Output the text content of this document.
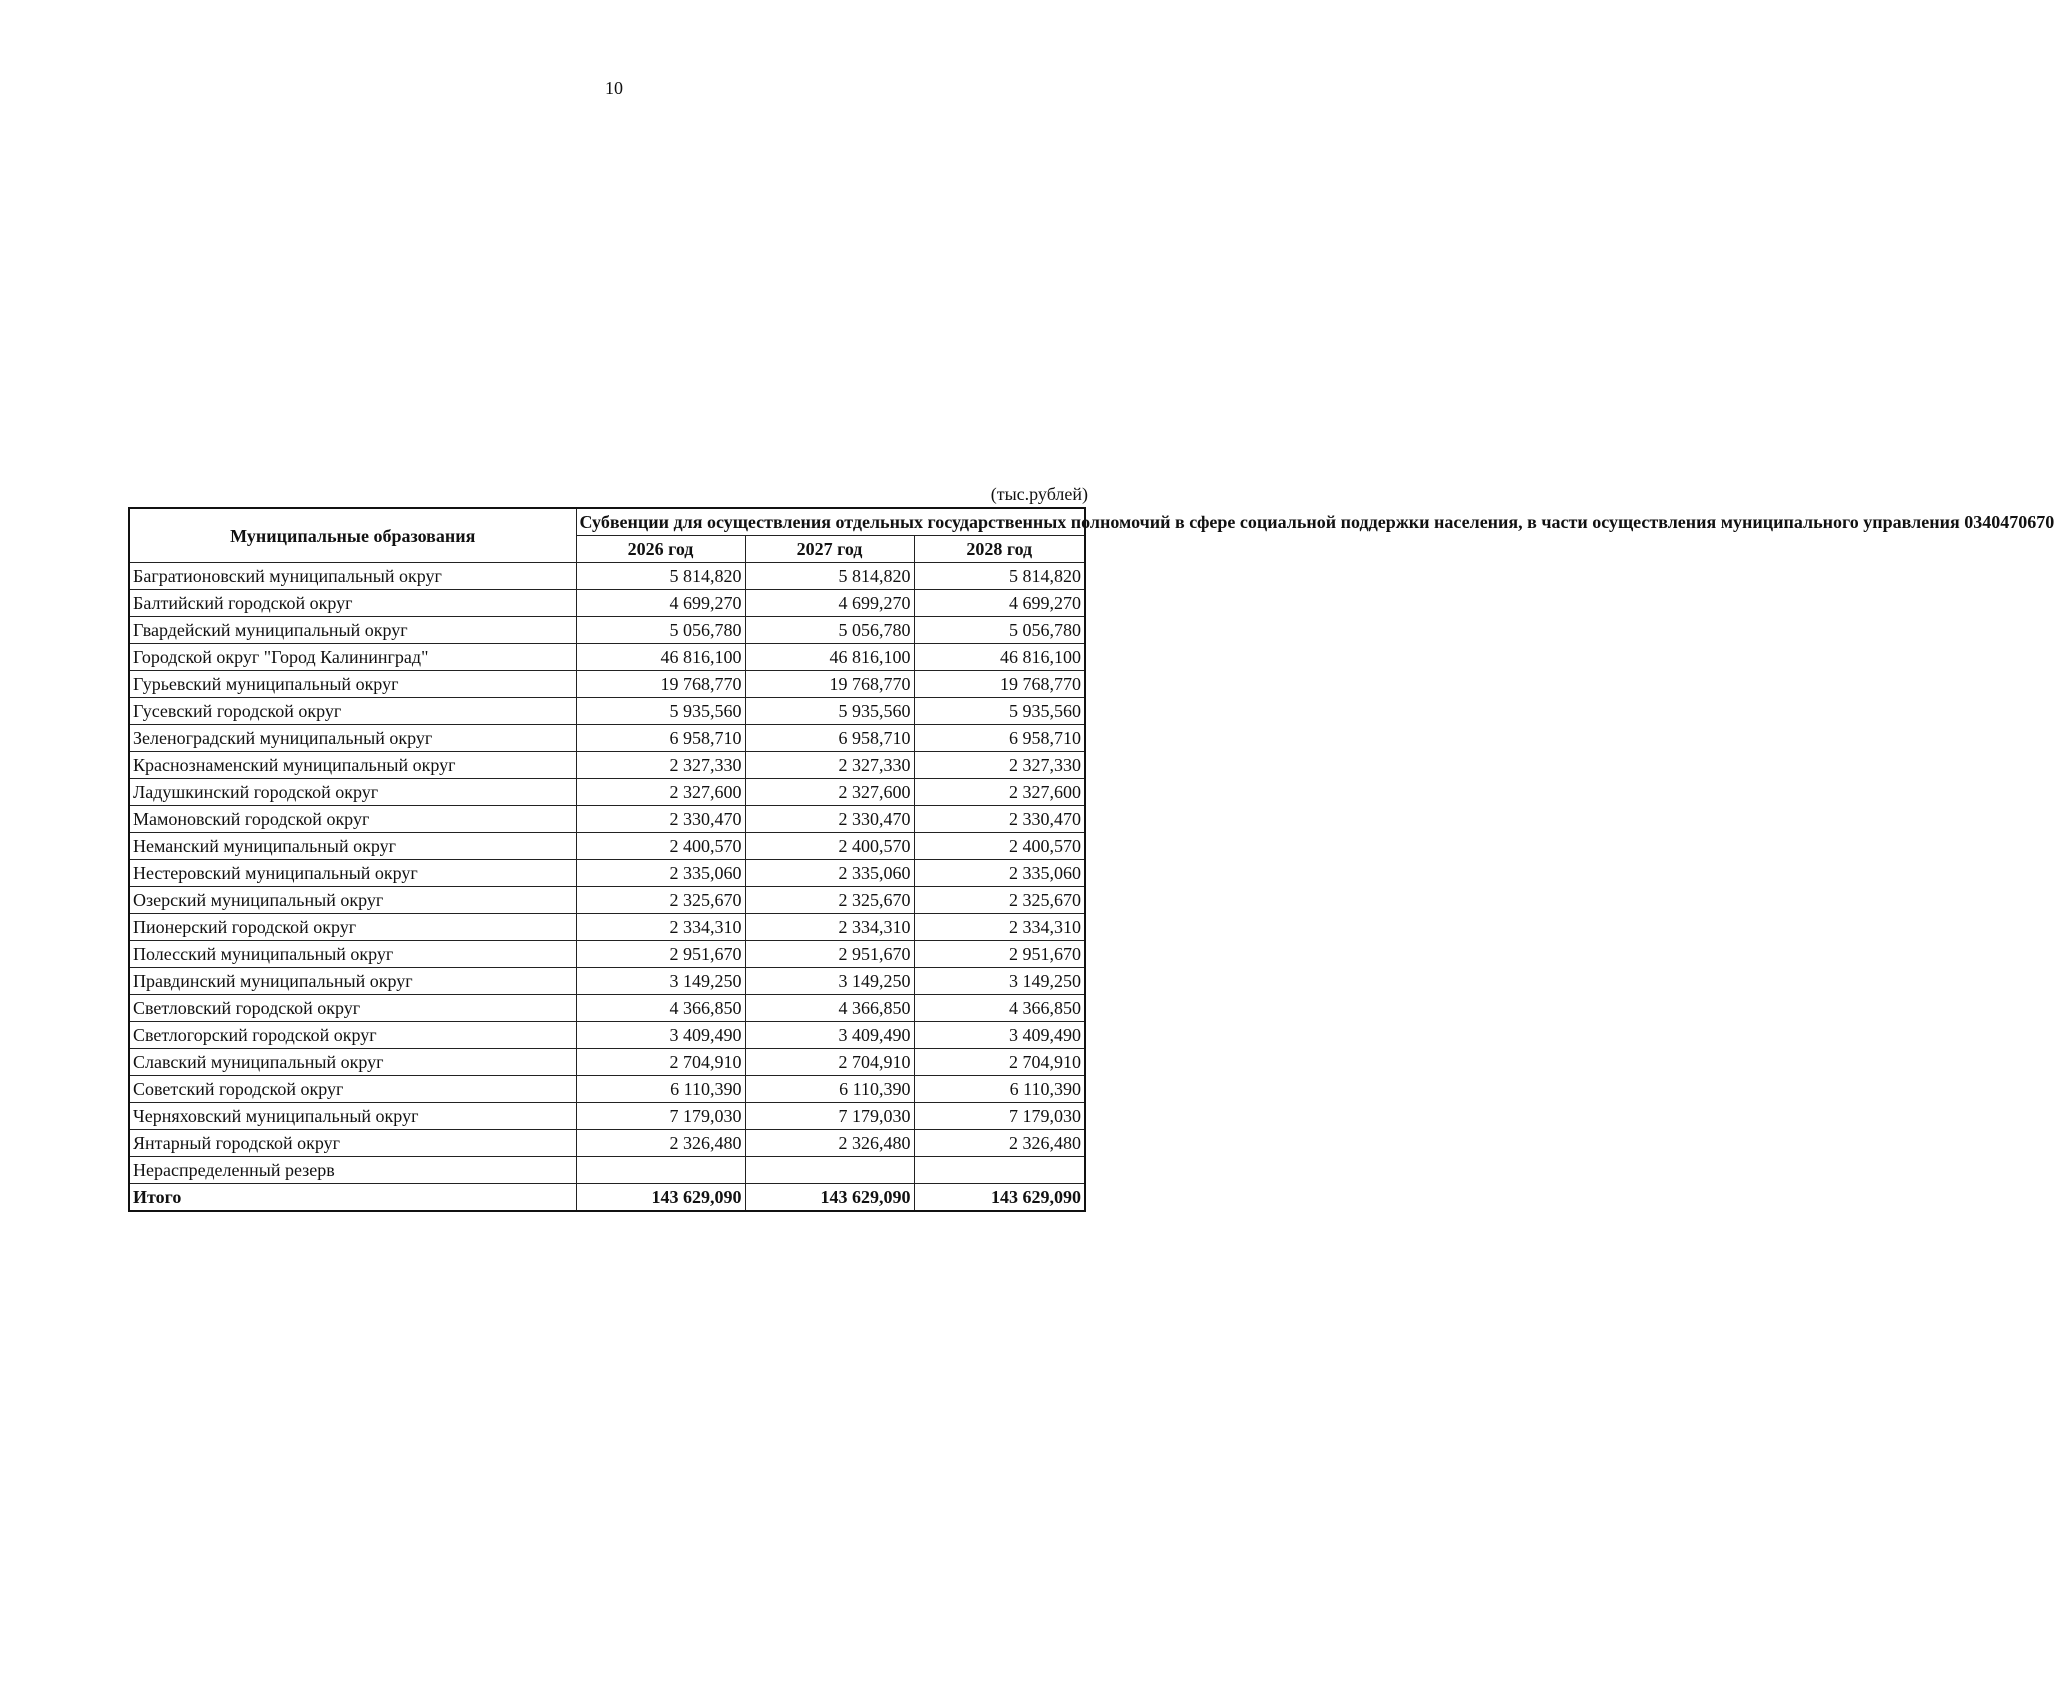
10
(тыс.рублей)
Муниципальные образования	Субвенции для осуществления отдельных государственных полномочий в сфере социальной поддержки населения, в части осуществления муниципального управления 0340470670		
	2026 год	2027 год	2028 год
Багратионовский муниципальный округ	5 814,820	5 814,820	5 814,820
Балтийский городской округ	4 699,270	4 699,270	4 699,270
Гвардейский муниципальный округ	5 056,780	5 056,780	5 056,780
Городской округ "Город Калининград"	46 816,100	46 816,100	46 816,100
Гурьевский муниципальный округ	19 768,770	19 768,770	19 768,770
Гусевский городской округ	5 935,560	5 935,560	5 935,560
Зеленоградский муниципальный округ	6 958,710	6 958,710	6 958,710
Краснознаменский муниципальный округ	2 327,330	2 327,330	2 327,330
Ладушкинский городской округ	2 327,600	2 327,600	2 327,600
Мамоновский городской округ	2 330,470	2 330,470	2 330,470
Неманский муниципальный округ	2 400,570	2 400,570	2 400,570
Нестеровский муниципальный округ	2 335,060	2 335,060	2 335,060
Озерский муниципальный округ	2 325,670	2 325,670	2 325,670
Пионерский городской округ	2 334,310	2 334,310	2 334,310
Полесский муниципальный округ	2 951,670	2 951,670	2 951,670
Правдинский муниципальный округ	3 149,250	3 149,250	3 149,250
Светловский городской округ	4 366,850	4 366,850	4 366,850
Светлогорский городской округ	3 409,490	3 409,490	3 409,490
Славский муниципальный округ	2 704,910	2 704,910	2 704,910
Советский городской округ	6 110,390	6 110,390	6 110,390
Черняховский муниципальный округ	7 179,030	7 179,030	7 179,030
Янтарный городской округ	2 326,480	2 326,480	2 326,480
Нераспределенный резерв			
Итого	143 629,090	143 629,090	143 629,090
